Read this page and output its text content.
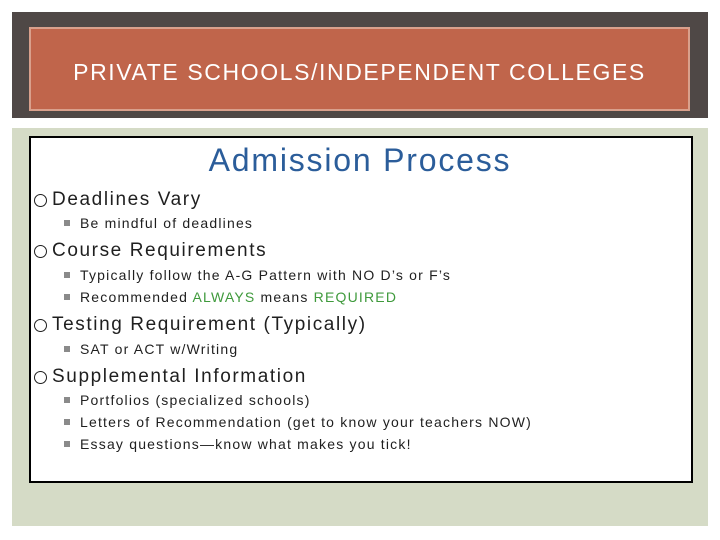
PRIVATE SCHOOLS/INDEPENDENT COLLEGES
Admission Process
Deadlines Vary
Be mindful of deadlines
Course Requirements
Typically follow the A-G Pattern with NO D’s or F’s
Recommended ALWAYS means REQUIRED
Testing Requirement (Typically)
SAT or ACT w/Writing
Supplemental Information
Portfolios (specialized schools)
Letters of Recommendation (get to know your teachers NOW)
Essay questions—know what makes you tick!
